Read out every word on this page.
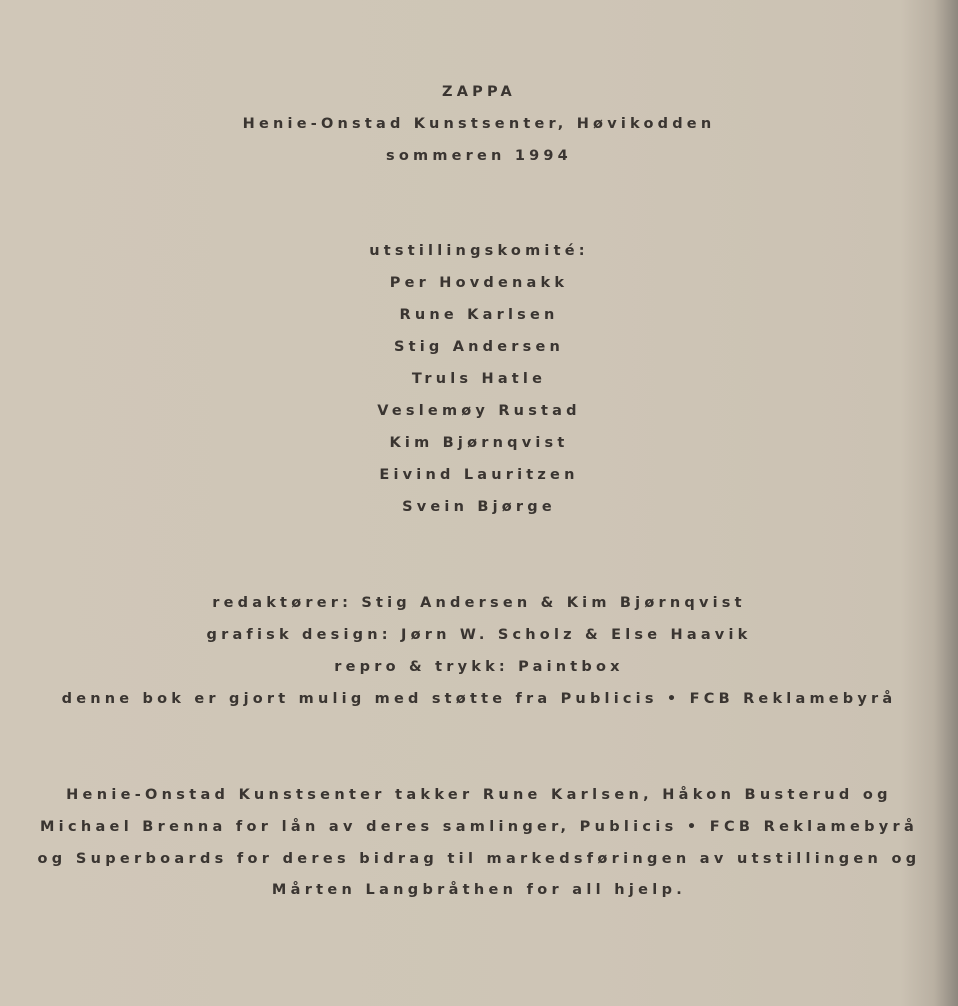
ZAPPA
Henie-Onstad Kunstsenter, Høvikodden
sommeren 1994
utstillingskomité:
Per Hovdenakk
Rune Karlsen
Stig Andersen
Truls Hatle
Veslemøy Rustad
Kim Bjørnqvist
Eivind Lauritzen
Svein Bjørge
redaktører: Stig Andersen & Kim Bjørnqvist
grafisk design: Jørn W. Scholz & Else Haavik
repro & trykk: Paintbox
denne bok er gjort mulig med støtte fra Publicis • FCB Reklamebyrå
Henie-Onstad Kunstsenter takker Rune Karlsen, Håkon Busterud og
Michael Brenna for lån av deres samlinger, Publicis • FCB Reklamebyrå
og Superboards for deres bidrag til markedsføringen av utstillingen og
Mårten Langbråthen for all hjelp.
